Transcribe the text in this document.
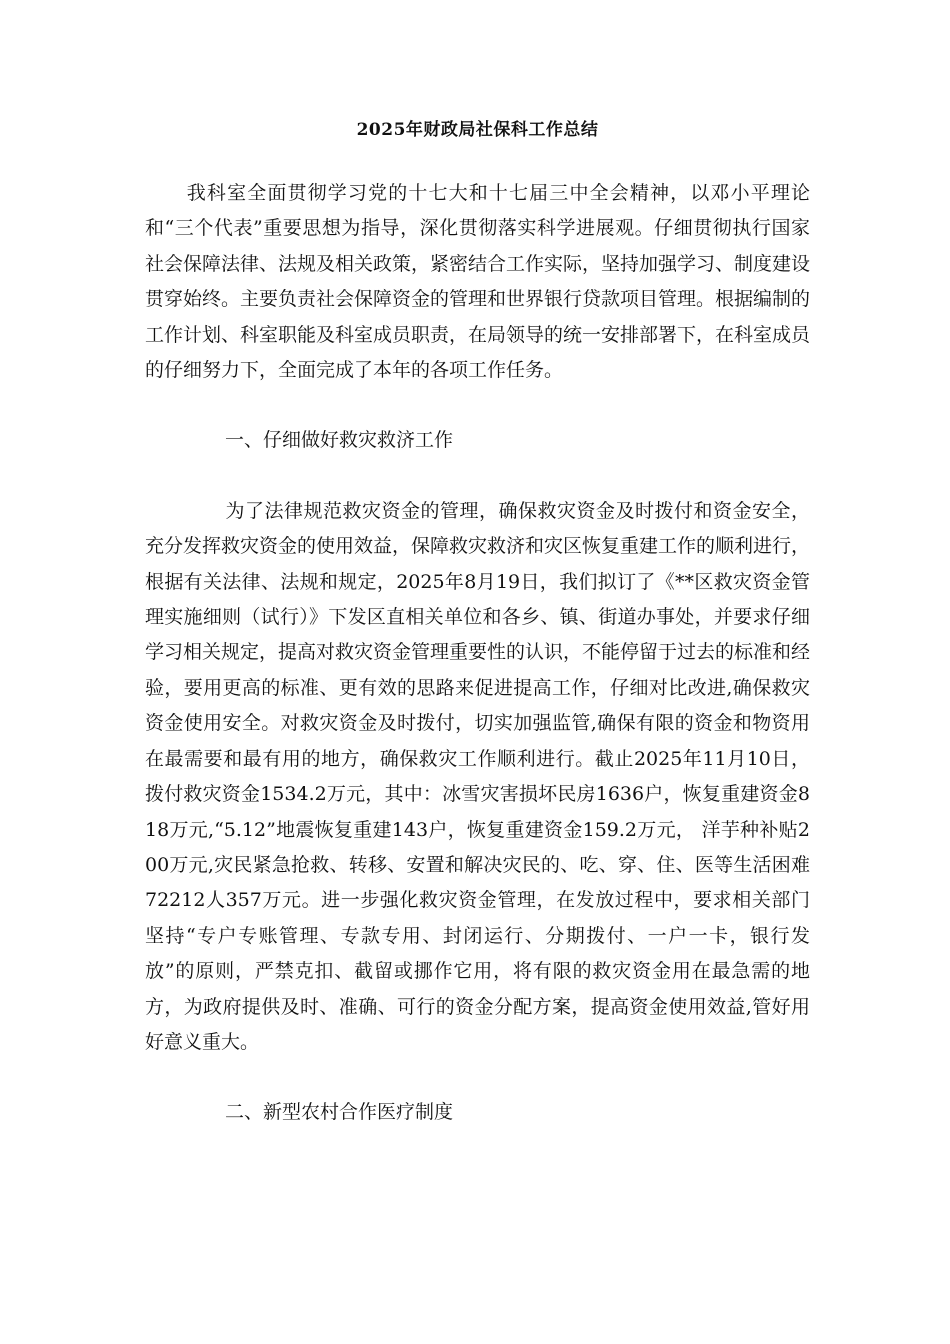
2025年财政局社保科工作总结

我科室全面贯彻学习党的十七大和十七届三中全会精神，以邓小平理论和“三个代表”重要思想为指导，深化贯彻落实科学进展观。仔细贯彻执行国家社会保障法律、法规及相关政策，紧密结合工作实际，坚持加强学习、制度建设贯穿始终。主要负责社会保障资金的管理和世界银行贷款项目管理。根据编制的工作计划、科室职能及科室成员职责，在局领导的统一安排部署下，在科室成员的仔细努力下，全面完成了本年的各项工作任务。

一、仔细做好救灾救济工作

为了法律规范救灾资金的管理，确保救灾资金及时拨付和资金安全，充分发挥救灾资金的使用效益，保障救灾救济和灾区恢复重建工作的顺利进行，根据有关法律、法规和规定，2025年8月19日，我们拟订了《**区救灾资金管理实施细则（试行）》下发区直相关单位和各乡、镇、街道办事处，并要求仔细学习相关规定，提高对救灾资金管理重要性的认识，不能停留于过去的标准和经验，要用更高的标准、更有效的思路来促进提高工作，仔细对比改进,确保救灾资金使用安全。对救灾资金及时拨付，切实加强监管,确保有限的资金和物资用在最需要和最有用的地方，确保救灾工作顺利进行。截止2025年11月10日，拨付救灾资金1534.2万元，其中：冰雪灾害损坏民房1636户，恢复重建资金818万元,“5.12”地震恢复重建143户，恢复重建资金159.2万元， 洋芋种补贴200万元,灾民紧急抢救、转移、安置和解决灾民的、吃、穿、住、医等生活困难72212人357万元。进一步强化救灾资金管理，在发放过程中，要求相关部门坚持“专户专账管理、专款专用、封闭运行、分期拨付、一户一卡，银行发放”的原则，严禁克扣、截留或挪作它用，将有限的救灾资金用在最急需的地方，为政府提供及时、准确、可行的资金分配方案，提高资金使用效益,管好用好意义重大。

二、新型农村合作医疗制度
